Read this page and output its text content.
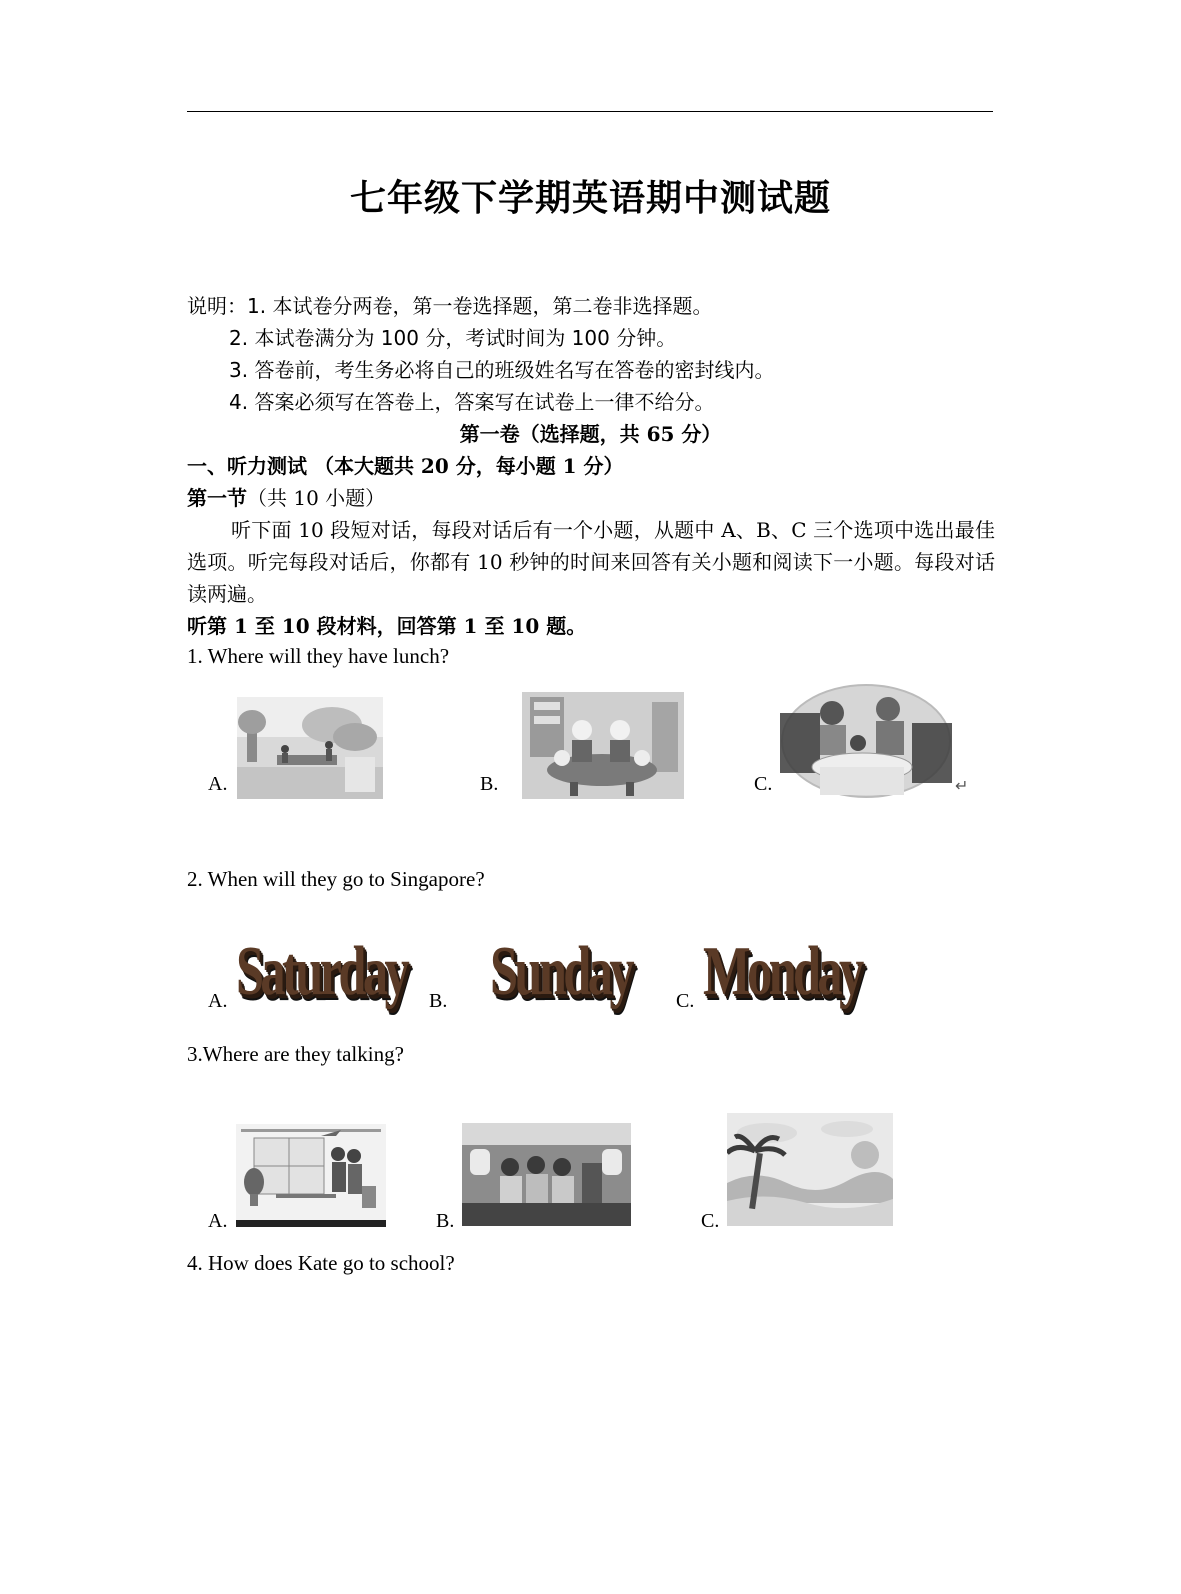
七年级下学期英语期中测试题
说明：1. 本试卷分两卷，第一卷选择题，第二卷非选择题。
2. 本试卷满分为 100 分，考试时间为 100 分钟。
3. 答卷前，考生务必将自己的班级姓名写在答卷的密封线内。
4. 答案必须写在答卷上，答案写在试卷上一律不给分。
第一卷（选择题，共 65 分）
一、听力测试 （本大题共 20 分，每小题 1 分）
第一节（共 10 小题）
听下面 10 段短对话，每段对话后有一个小题，从题中 A、B、C 三个选项中选出最佳选项。听完每段对话后，你都有 10 秒钟的时间来回答有关小题和阅读下一小题。每段对话读两遍。
听第 1 至 10 段材料，回答第 1 至 10 题。
1. Where will they have lunch?
A.	B.	C.	↵
2. When will they go to Singapore?
A. Saturday B. Sunday C. Monday
3.Where are they talking?
A.	B.	C.
4. How does Kate go to school?
